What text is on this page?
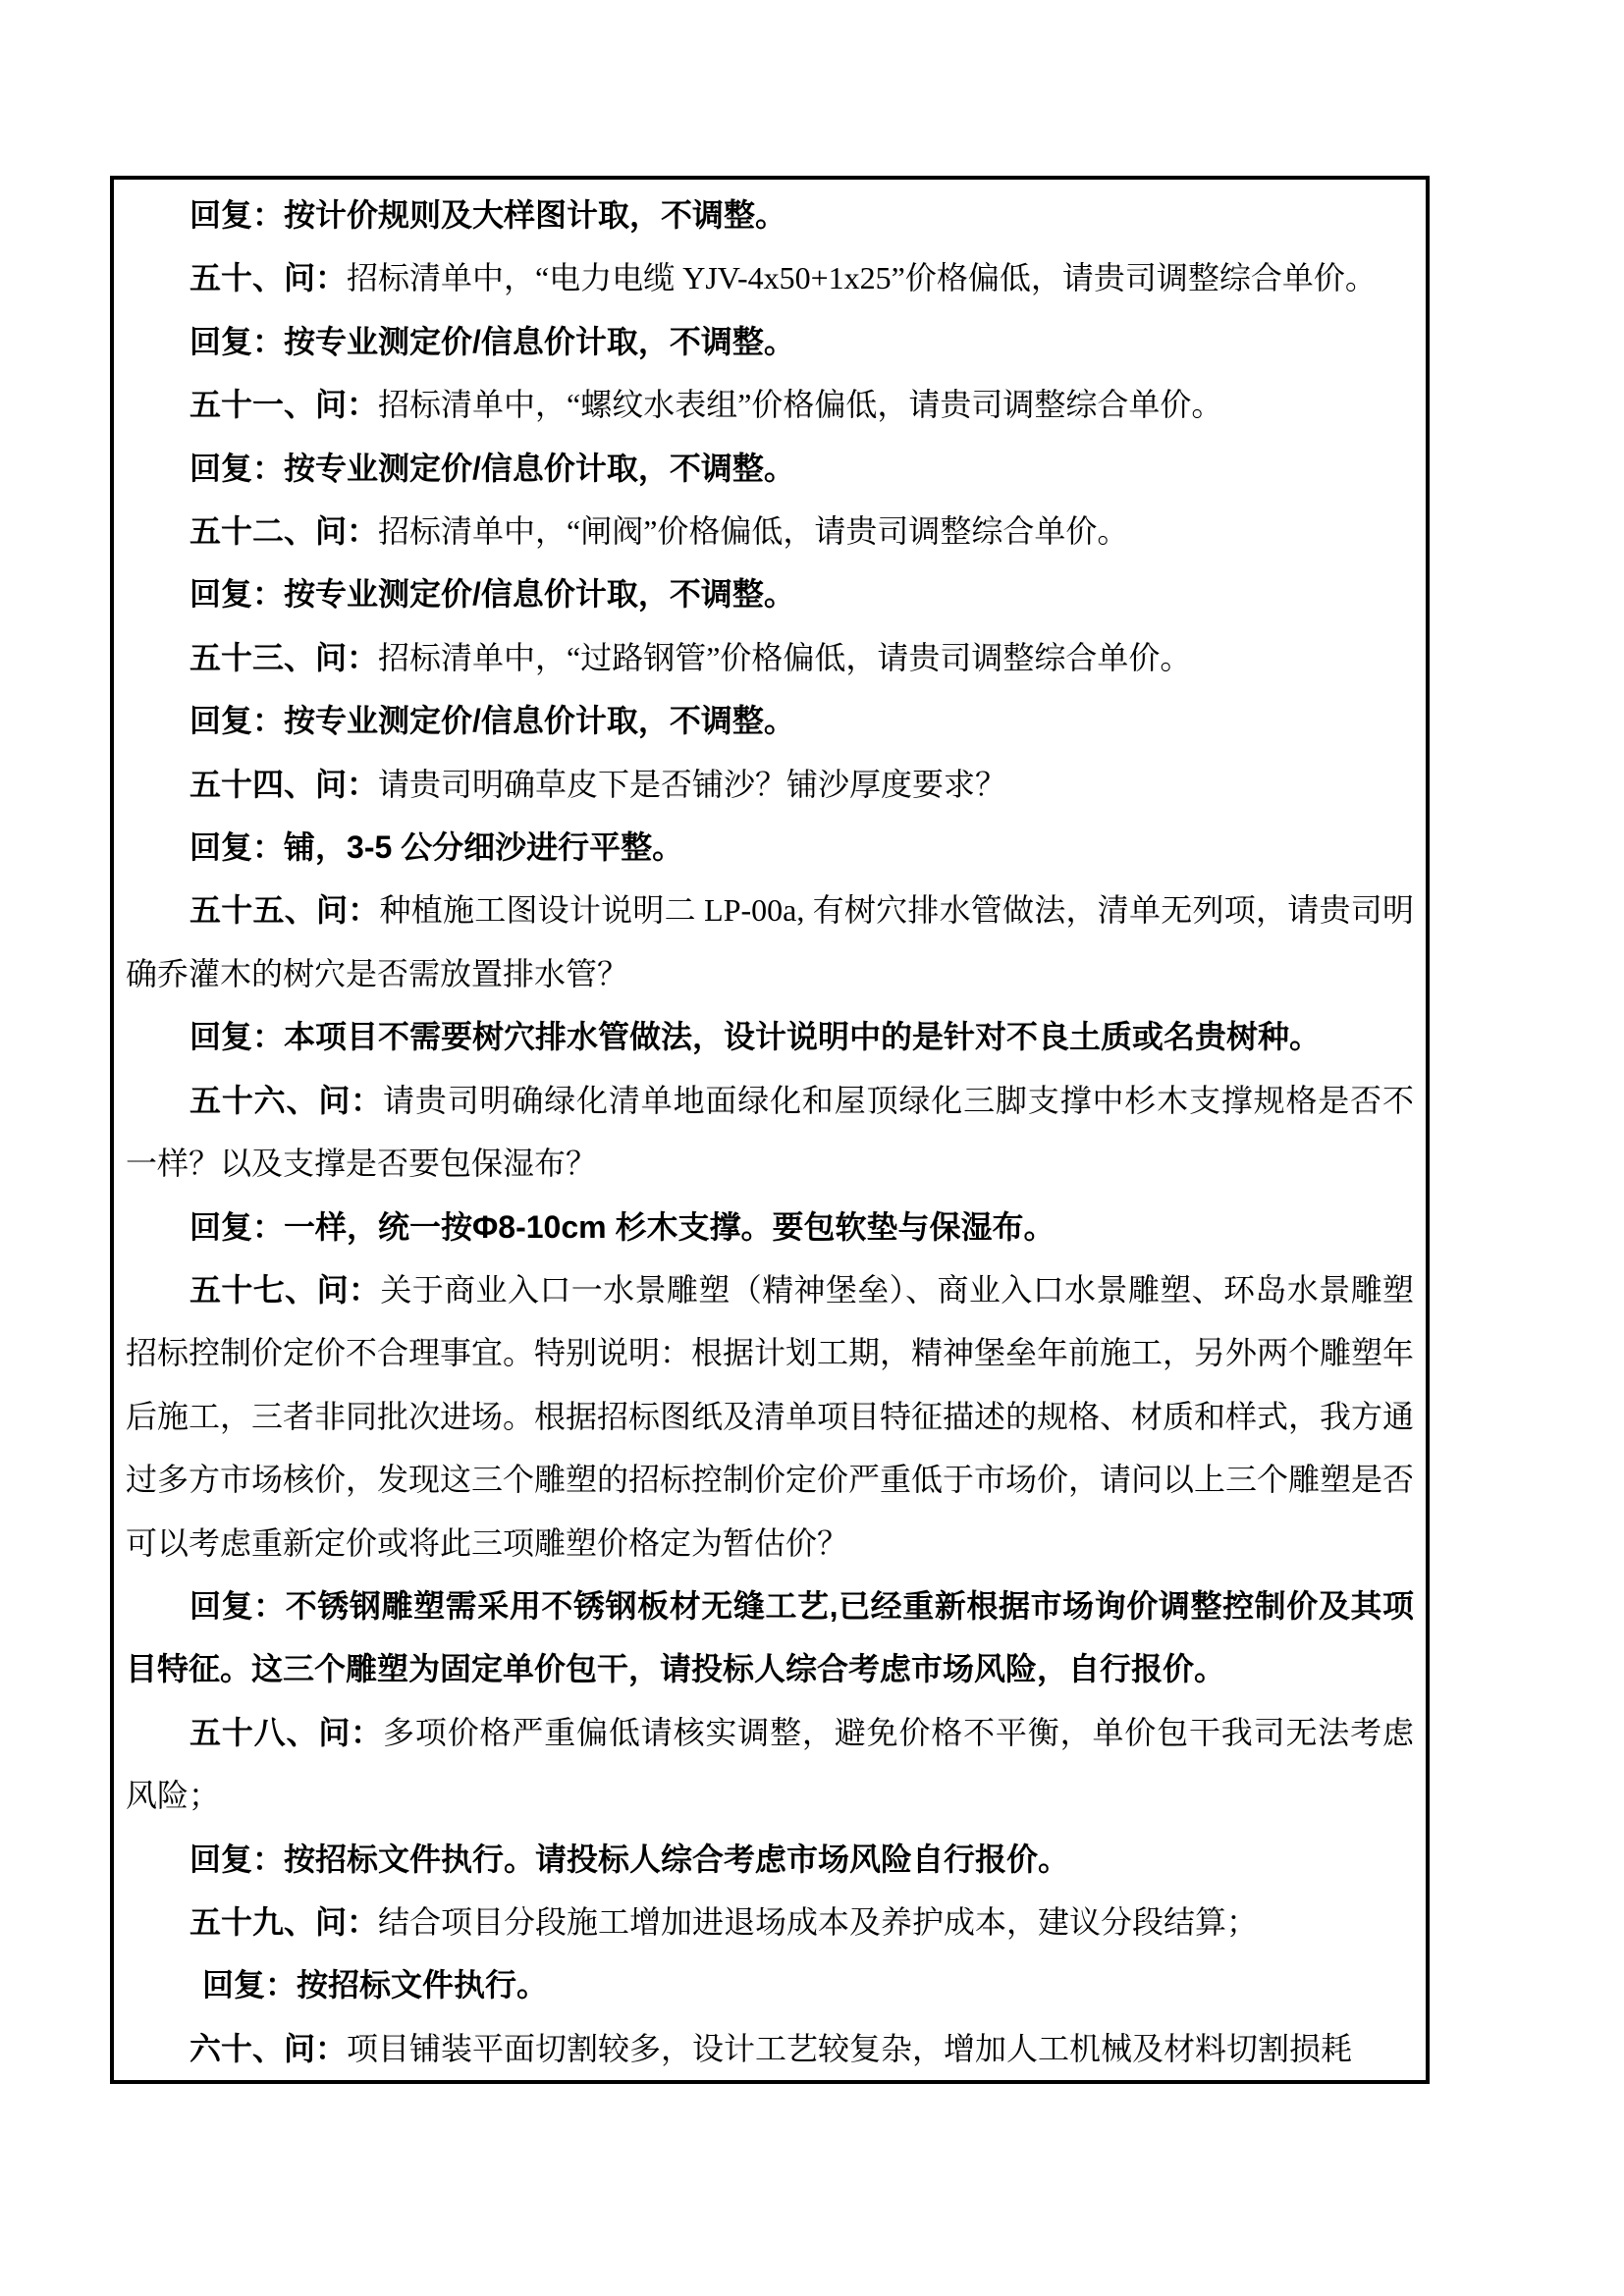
回复：按计价规则及大样图计取，不调整。

五十、问：招标清单中，“电力电缆 YJV-4x50+1x25”价格偏低，请贵司调整综合单价。

回复：按专业测定价/信息价计取，不调整。

五十一、问：招标清单中，“螺纹水表组”价格偏低，请贵司调整综合单价。

回复：按专业测定价/信息价计取，不调整。

五十二、问：招标清单中，“闸阀”价格偏低，请贵司调整综合单价。

回复：按专业测定价/信息价计取，不调整。

五十三、问：招标清单中，“过路钢管”价格偏低，请贵司调整综合单价。

回复：按专业测定价/信息价计取，不调整。

五十四、问：请贵司明确草皮下是否铺沙？铺沙厚度要求？

回复：铺，3-5 公分细沙进行平整。

五十五、问：种植施工图设计说明二 LP-00a, 有树穴排水管做法，清单无列项，请贵司明确乔灌木的树穴是否需放置排水管？

回复：本项目不需要树穴排水管做法，设计说明中的是针对不良土质或名贵树种。

五十六、问：请贵司明确绿化清单地面绿化和屋顶绿化三脚支撑中杉木支撑规格是否不一样？以及支撑是否要包保湿布？

回复：一样，统一按Φ8-10cm 杉木支撑。要包软垫与保湿布。

五十七、问：关于商业入口一水景雕塑（精神堡垒）、商业入口水景雕塑、环岛水景雕塑招标控制价定价不合理事宜。特别说明：根据计划工期，精神堡垒年前施工，另外两个雕塑年后施工，三者非同批次进场。根据招标图纸及清单项目特征描述的规格、材质和样式，我方通过多方市场核价，发现这三个雕塑的招标控制价定价严重低于市场价，请问以上三个雕塑是否可以考虑重新定价或将此三项雕塑价格定为暂估价？

回复：不锈钢雕塑需采用不锈钢板材无缝工艺,已经重新根据市场询价调整控制价及其项目特征。这三个雕塑为固定单价包干，请投标人综合考虑市场风险，自行报价。

五十八、问：多项价格严重偏低请核实调整，避免价格不平衡，单价包干我司无法考虑风险；

回复：按招标文件执行。请投标人综合考虑市场风险自行报价。

五十九、问：结合项目分段施工增加进退场成本及养护成本，建议分段结算；

回复：按招标文件执行。

六十、问：项目铺装平面切割较多，设计工艺较复杂，增加人工机械及材料切割损耗
